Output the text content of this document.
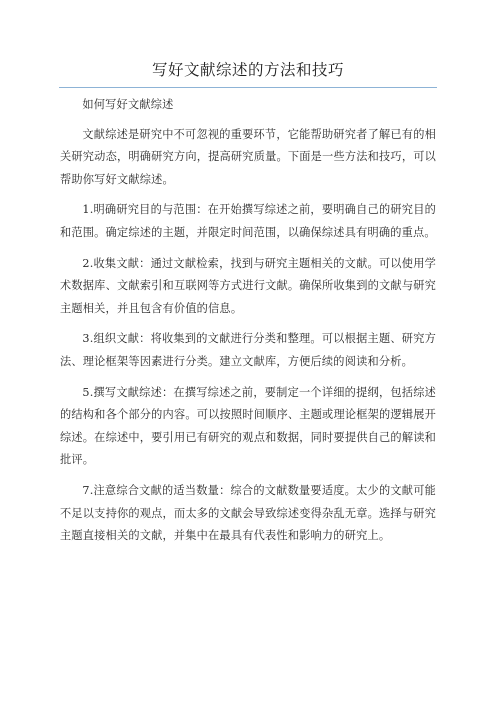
写好文献综述的方法和技巧

如何写好文献综述

文献综述是研究中不可忽视的重要环节，它能帮助研究者了解已有的相关研究动态，明确研究方向，提高研究质量。下面是一些方法和技巧，可以帮助你写好文献综述。

1.明确研究目的与范围：在开始撰写综述之前，要明确自己的研究目的和范围。确定综述的主题，并限定时间范围，以确保综述具有明确的重点。

2.收集文献：通过文献检索，找到与研究主题相关的文献。可以使用学术数据库、文献索引和互联网等方式进行文献。确保所收集到的文献与研究主题相关，并且包含有价值的信息。

3.组织文献：将收集到的文献进行分类和整理。可以根据主题、研究方法、理论框架等因素进行分类。建立文献库，方便后续的阅读和分析。

5.撰写文献综述：在撰写综述之前，要制定一个详细的提纲，包括综述的结构和各个部分的内容。可以按照时间顺序、主题或理论框架的逻辑展开综述。在综述中，要引用已有研究的观点和数据，同时要提供自己的解读和批评。

7.注意综合文献的适当数量：综合的文献数量要适度。太少的文献可能不足以支持你的观点，而太多的文献会导致综述变得杂乱无章。选择与研究主题直接相关的文献，并集中在最具有代表性和影响力的研究上。
